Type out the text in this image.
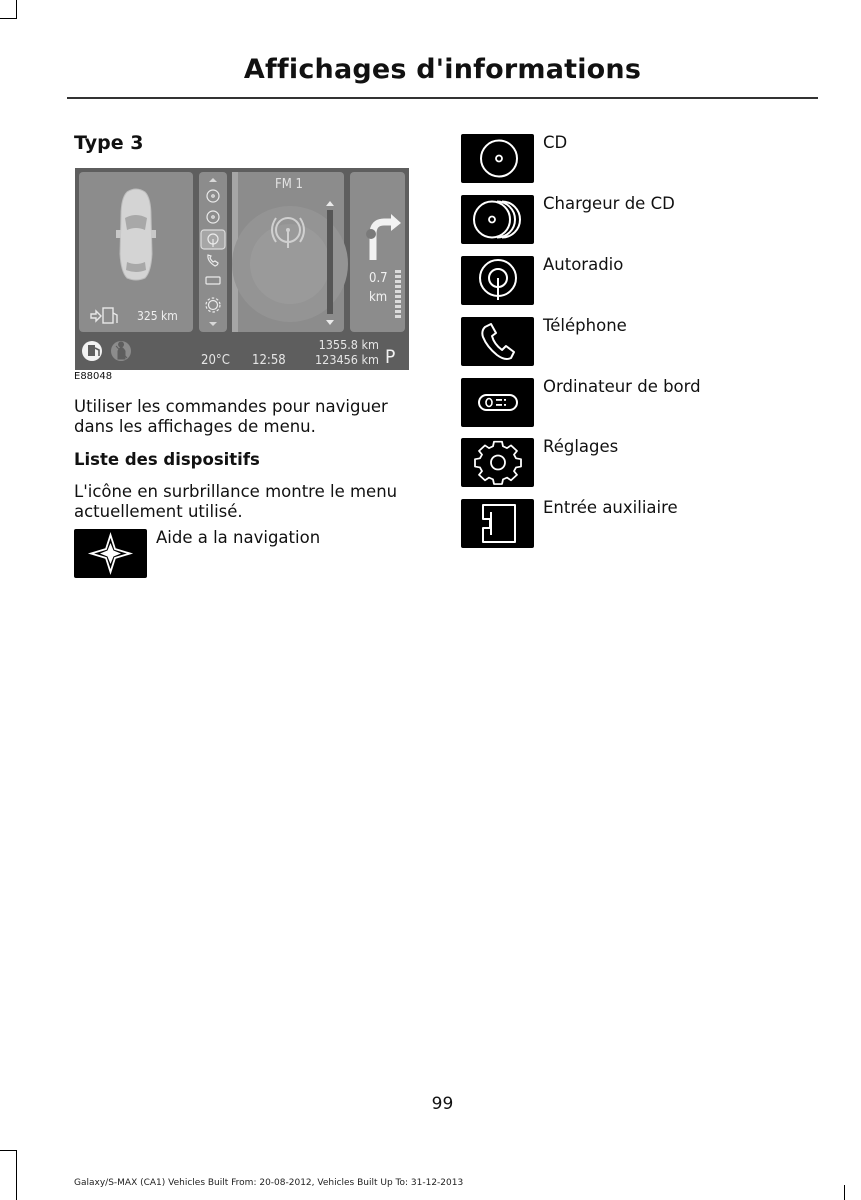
Affichages d'informations
Type 3
325 km
FM 1
0.7
km
20°C 12:58
1355.8 km
123456 km P
E88048
Utiliser les commandes pour naviguer dans les affichages de menu.
Liste des dispositifs
L'icône en surbrillance montre le menu actuellement utilisé.
Aide a la navigation
CD
Chargeur de CD
Autoradio
Téléphone
Ordinateur de bord
Réglages
Entrée auxiliaire
99
Galaxy/S-MAX (CA1) Vehicles Built From: 20-08-2012, Vehicles Built Up To: 31-12-2013
